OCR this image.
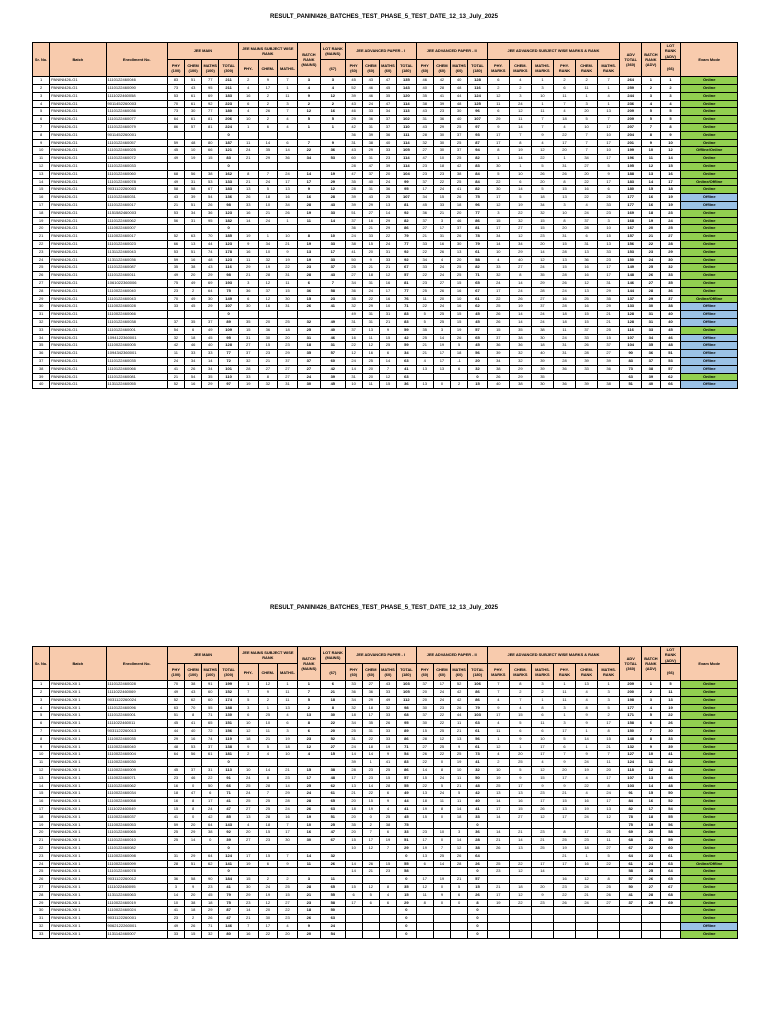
RESULT_PANINI426_BATCHES_TEST_PHASE_5_TEST_DATE_12_13_July_2025
Sr. No.	Batch	Enrollment No.	JEE MAIN				JEE MAINS SUBJECT WISE RANK			BATCH RANK (MAINS)	LOT RANK (MAINS)	JEE ADVANCED PAPER - I				JEE ADVANCED PAPER - II				JEE ADVANCED SUBJECT WISE MARKS & RANK						ADV TOTAL (360)	BATCH RANK (ADV)	LOT RANK (ADV)	Exam Mode
			PHY (100)	CHEM (100)	MATHS (100)	TOTAL (300)	PHY-	CHEM-	MATHS-		(67)	PHY (60)	CHEM (60)	MATHS (60)	TOTAL (180)	PHY (60)	CHEM (60)	MATHS (60)	TOTAL (180)	PHY. MARKS	CHEM. MARKS	MATHS. MARKS	PHY. RANK	CHEM. RANK	MATHS. RANK			(66)	
1	PANINI426-G1	1110122460046	83	51	77	211	2	9	7	3	3	45	43	47	135	46	42	40	128	6	4	1	2	2	7	264	1	1	Online
2	PANINI426-G1	1110122460090	73	43	95	211	4	17	1	4	4	52	46	45	143	40	28	48	116	2	2	3	6	11	1	259	2	2	Online
3	PANINI426-G1	1111022460058	53	61	69	183	16	2	11	9	12	39	46	35	120	35	41	44	124	12	3	10	11	1	4	244	3	3	Online
4	PANINI426-G1	9011452260003	70	61	92	223	6	2	3	2	2	43	24	47	114	38	39	48	125	11	24	1	7	3	1	236	4	4	Online
5	PANINI426-G1	1110122460036	73	30	77	180	4	26	7	12	16	46	33	34	113	43	23	30	96	6	12	11	4	20	13	209	5	5	Online
6	PANINI426-G1	1110122460077	64	61	81	206	10	2	4	5	5	29	36	37	102	31	36	40	107	29	11	7	18	5	7	209	5	5	Online
7	PANINI426-G1	1110122460079	86	57	81	224	1	6	4	1	1	42	31	37	110	43	29	25	97	9	14	7	4	10	17	207	7	8	Online
8	PANINI426-G1	9011452260001				0						36	39	36	111	28	30	37	93	17	7	9	22	7	10	204	8	9	Online
9	PANINI426-G1	1110122460057	59	48	80	187	11	14	6	7	9	31	38	40	114	32	30	25	87	17	8	4	17	7	17	201	9	10	Online
10	PANINI426-G1	1110122460025	45	10	66	121	24	35	14	22	36	43	29	33	105	27	30	37	94	8	19	12	20	7	10	199	10	12	Offline/Online
11	PANINI426-G1	1110122460072	49	19	15	83	21	29	36	34	53	60	31	23	114	47	10	25	82	1	14	22	1	34	17	196	11	14	Online
12	PANINI426-G1	1110122460033				0						28	47	39	114	23	18	42	83	30	1	5	31	27	5	195	12	15	Online
13	PANINI426-G1	1110122460060	68	56	38	162	8	7	24	14	19	47	37	20	104	23	23	38	84	5	10	26	26	20	9	188	13	16	Online
14	PANINI426-G1	1110122460078	49	31	53	133	21	24	17	17	29	35	40	24	99	37	22	25	84	22	6	20	8	22	17	183	14	17	Online/Offline
15	PANINI426-G1	9031122260003	58	58	67	183	13	5	13	9	12	28	31	36	95	17	24	41	82	30	14	5	15	16	6	180	15	18	Online
16	PANINI426-G1	1110122460031	43	39	54	136	26	18	16	16	28	39	43	25	107	34	15	26	75	17	5	18	13	22	25	177	16	19	Offline
17	PANINI426-G1	1110122460017	21	51	26	98	33	10	34	28	43	39	29	13	81	45	33	18	96	12	19	34	3	4	33	177	16	19	Offline
18	PANINI426-G1	1151582460003	53	34	36	123	16	21	26	19	33	51	27	14	92	36	21	20	77	3	22	32	10	24	23	169	18	23	Online
19	PANINI426-G1	1110122460062	56	31	95	182	14	24	1	11	14	37	16	29	82	37	3	46	86	15	32	15	8	37	3	168	19	24	Online
20	PANINI426-G1	1110022460007				0						36	21	29	86	27	17	37	81	17	27	15	20	28	10	167	20	25	Online
21	PANINI426-G1	1110022460017	52	63	70	185	19	1	10	8	10	24	33	22	79	21	31	26	78	34	12	23	31	6	15	157	21	27	Online
22	PANINI426-G1	1110122460023	66	13	44	123	9	34	21	19	33	38	15	24	77	33	16	30	79	14	34	20	15	31	13	156	22	28	Online
23	PANINI426-G1	1131122460043	53	51	74	178	16	10	9	13	17	41	20	31	92	22	26	13	61	10	29	14	28	13	33	153	23	29	Online
24	PANINI426-G1	1131122460036	59	16	48	123	11	32	19	19	33	50	9	33	92	34	4	20	58	4	40	12	13	36	23	150	24	30	Online
25	PANINI426-G1	1110122460087	35	38	43	116	29	19	22	23	37	25	21	21	67	33	24	25	82	33	27	24	15	16	17	149	25	32	Online
26	PANINI426-G1	1110122460011	49	20	29	98	21	28	31	28	43	27	18	12	57	22	24	25	71	32	8	35	28	16	17	148	26	33	Online
27	PANINI426-G1	1061022360006	75	49	69	193	3	12	11	6	7	34	31	16	81	23	27	15	65	24	14	29	26	12	31	146	27	35	Online
28	PANINI426-G1	1110022460040	23	2	64	75	36	37	15	36	58	36	24	17	77	25	26	16	67	17	24	28	24	13	29	144	28	36	Online
29	PANINI426-G1	1110122460043	70	49	30	149	6	12	30	15	23	35	22	16	76	11	20	10	61	22	26	27	16	25	35	137	29	37	Online/Offline
30	PANINI426-G1	1110022460028	33	45	29	107	30	16	31	26	41	32	29	10	71	22	24	16	62	25	19	37	28	16	29	133	30	38	Offline
31	PANINI426-G1	1110022460066				0						49	31	31	83	5	25	15	45	26	14	24	18	15	21	128	31	40	Offline
32	PANINI426-G1	1110122460038	37	35	37	89	35	20	25	32	49	31	31	21	83	5	25	15	45	26	14	24	18	15	21	128	31	40	Offline
33	PANINI426-G1	1110122460001	54	6	49	109	15	36	18	25	40	37	13	9	59	35	3	19	57	15	35	38	11	37	25	116	33	45	Online
34	PANINI426-G1	1094122360001	32	18	45	95	31	30	20	31	46	16	11	15	42	25	14	26	65	37	38	30	24	33	15	107	34	46	Offline
35	PANINI426-G1	1110022460005	42	46	40	128	27	15	23	18	31	22	12	25	59	21	19	5	45	36	36	18	31	26	37	104	35	48	Offline
36	PANINI426-G1	1094342360001	11	33	33	77	37	23	29	35	57	12	16	6	34	21	17	18	56	39	32	40	31	28	27	90	36	51	Offline
37	PANINI426-G1	1110122460035	24	34	14	72	32	21	37	37	60	24	25	14	63	4	17	-1	20	34	32	39	28	39	39	83	37	53	Offline
38	PANINI426-G1	1110122460066	41	26	34	101	28	27	27	27	42	14	20	7	41	13	13	6	32	38	29	39	36	33	36	73	38	57	Offline
39	PANINI426-G1	1110122460081	21	54	35	110	33	8	27	24	39	31	20	12	63				0	26	29	35				63	39	62	Online
40	PANINI426-G1	1131122460055	52	16	29	97	19	32	31	30	45	10	11	15	36	13	0	2	15	40	38	30	36	39	38	51	40	66	Offline
RESULT_PANINI426_BATCHES_TEST_PHASE_5_TEST_DATE_12_13_July_2025
Sr. No.	Batch	Enrollment No.	JEE MAIN				JEE MAINS SUBJECT WISE RANK			BATCH RANK (MAINS)	LOT RANK (MAINS)	JEE ADVANCED PAPER - I				JEE ADVANCED PAPER - II				JEE ADVANCED SUBJECT WISE MARKS & RANK						ADV TOTAL (360)	BATCH RANK (ADV)	LOT RANK (ADV)	Exam Mode
			PHY (100)	CHEM (100)	MATHS (100)	TOTAL (300)	PHY-	CHEM-	MATHS-		(67)	PHY (60)	CHEM (60)	MATHS (60)	TOTAL (180)	PHY (60)	CHEM (60)	MATHS (60)	TOTAL (180)	PHY. MARKS	CHEM. MARKS	MATHS. MARKS	PHY. RANK	CHEM. RANK	MATHS. RANK			(66)	
1	PANINI426-XII 1	1110122460028	70	38	91	199	1	12	1	1	6	33	27	43	103	37	17	52	106	7	8	3	1	13	1	209	1	5	Online
2	PANINI426-XII 1	1111022460069	49	43	60	152	7	9	11	7	21	36	36	33	105	20	24	42	86	7	2	2	11	4	3	200	2	11	Online
3	PANINI426-XII 1	9031122260024	52	62	60	174	5	2	11	5	18	34	29	49	112	20	24	42	86	4	7	1	11	4	3	198	3	13	Online
4	PANINI426-XII 1	1110122460096	63	70	55	188	3	1	13	2	8	32	18	32	98	30	23	26	79	9	4	8	3	8	5	177	4	19	Online
5	PANINI426-XII 1	1110122460001	51	8	71	130	6	25	4	13	30	18	17	33	68	37	22	44	103	17	15	6	1	9	2	171	5	22	Online
6	PANINI426-XII 1	1111022460011	45	41	65	151	10	10	6	8	22	34	35	26	95	30	22	11	63	4	5	11	3	9	17	158	6	26	Online
7	PANINI426-XII 1	9031122260013	44	40	72	156	12	11	3	6	20	25	31	33	89	15	25	21	61	11	6	6	17	1	8	150	7	30	Online
8	PANINI426-XII 1	1110022460035	29	16	74	119	18	21	19	23	52	31	22	33	86	28	12	13	56	1	9	10	5	14	15	148	8	33	Online
9	PANINI426-XII 1	1110022460040	48	53	37	138	9	5	18	12	27	24	18	19	71	27	25	9	61	12	1	17	6	1	21	132	9	39	Online
10	PANINI426-XII 1	1110022460004	64	56	61	181	2	4	10	4	15	14	14	9	54	26	22	25	73	4	20	17	7	9	7	127	10	41	Online
11	PANINI426-XII 1	1110022460030				0						39	1	41	83	22	0	19	41	2	25	4	9	24	11	124	11	42	Online
12	PANINI426-XII 1	1110022460009	45	37	31	113	10	14	21	15	38	28	23	25	86	14	8	10	32	10	5	12	20	19	20	118	12	44	Online
13	PANINI426-XII 1	1110022460071	23	46	22	91	24	8	23	17	48	17	23	15	57	15	24	11	50	19	9	15	17	4	17	107	13	46	Online
14	PANINI426-XII 1	1110122460062	16	0	50	66	25	28	14	25	62	13	14	28	55	22	5	21	48	25	17	9	9	22	8	103	14	48	Online
15	PANINI426-XII 1	1110022460034	18	47	6	71	24	7	29	24	61	21	22	6	49	13	24	5	42	13	13	23	21	4	24	91	15	50	Online
16	PANINI426-XII 1	1110022460058	16	8	17	41	25	25	28	28	65	20	15	9	44	18	11	11	40	14	16	17	15	16	17	84	16	52	Online
17	PANINI426-XII 1	1111022460049	15	8	24	47	27	25	24	26	63	18	19	4	41	19	8	14	41	17	15	26	13	19	13	82	17	54	Online
18	PANINI426-XII 1	1110022460037	41	0	42	85	13	28	16	19	51	20	0	25	45	15	0	18	33	14	27	12	17	24	12	78	18	55	Online
19	PANINI426-XII 1	1110022460053	59	20	64	143	4	18	7	10	25	35	2	38	75				0							75	19	56	Online
20	PANINI426-XII 1	1110122460065	25	29	38	92	20	15	17	16	47	20	7	6	33	23	10	3	36	14	21	23	8	17	25	69	20	58	Online
21	PANINI426-XII 1	1110122460010	25	14	0	39	27	23	30	30	67	15	17	19	51	17	0	14	28	21	14	21	25	23	11	68	21	59	Online
22	PANINI426-XII 1	1110122460082				0						10	12	7	29	19	7	12	38	26	13	25	19	18	27	67	22	60	Online
23	PANINI426-XII 1	1110022460098	31	29	64	124	17	15	7	14	32				0	13	25	26	64				21	1	5	64	23	61	Online
24	PANINI426-XII 1	1110022460099	28	51	62	141	19	6	9	11	26	14	26	15	55	6	14	28	26	25	22	17	17	16	22	61	24	63	Online/Offline
25	PANINI426-XII 1	1110122460078				0						14	21	23	58				0	23	12	14				58	25	64	Online
26	PANINI426-XII 1	9031122260012	36	58	90	184	15	2	2	3	11				0	17	19	21	57				16	12	8	57	26	65	Online
27	PANINI426-XII 1	1111022460095	3	9	23	41	30	24	25	28	65	15	12	8	35	12	0	5	15	21	18	20	23	24	25	50	27	67	Online
28	PANINI426-XII 1	1131122460063	14	20	45	79	29	19	15	21	55	6	5	4	15	11	9	6	26	17	12	9	22	21	26	41	28	68	Online
29	PANINI426-XII 1	1110022460019	10	38	18	75	23	12	27	23	58	17	6	6	29	8	0	0	8	19	22	23	26	24	27	37	29	69	Online
30	PANINI426-XII 1	1110022460024	41	18	29	87	14	20	22	18	50				0				0										Online
31	PANINI426-XII 1	9031122260001	23	2	26	47	21	30	23	26	63				0				0										Online
32	PANINI426-XII 1	9062122260001	49	26	71	146	7	17	4	9	24				0				0										Offline
33	PANINI426-XII 1	1131142460007	33	15	32	80	16	22	20	20	54				0				0										Online
